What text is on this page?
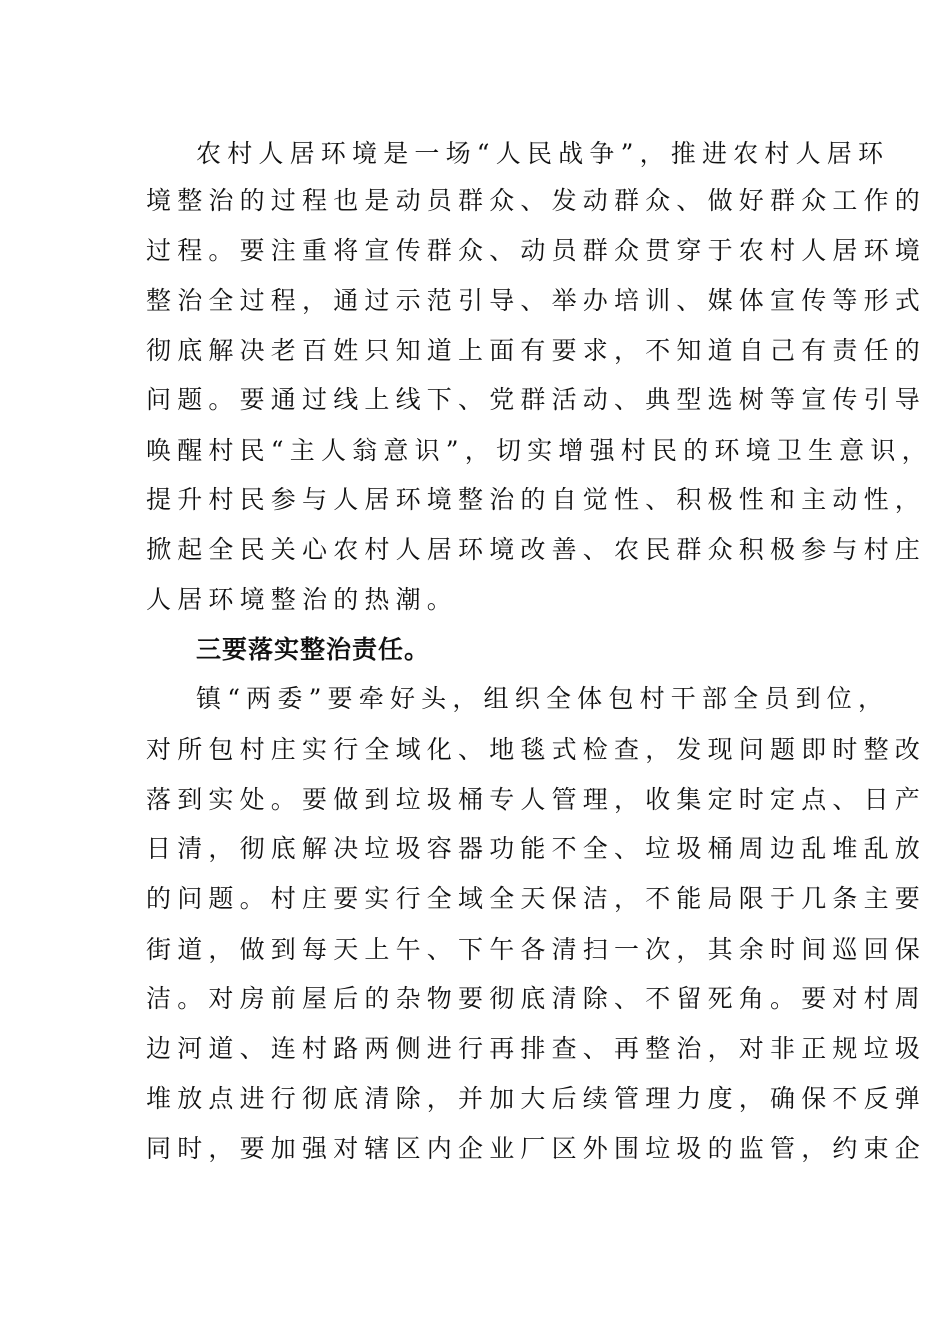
农村人居环境是一场“人民战争”，推进农村人居环
境整治的过程也是动员群众、发动群众、做好群众工作的
过程。要注重将宣传群众、动员群众贯穿于农村人居环境
整治全过程，通过示范引导、举办培训、媒体宣传等形式
彻底解决老百姓只知道上面有要求，不知道自己有责任的
问题。要通过线上线下、党群活动、典型选树等宣传引导
唤醒村民“主人翁意识”，切实增强村民的环境卫生意识，
提升村民参与人居环境整治的自觉性、积极性和主动性，
掀起全民关心农村人居环境改善、农民群众积极参与村庄
人居环境整治的热潮。
三要落实整治责任。
镇“两委”要牵好头，组织全体包村干部全员到位，
对所包村庄实行全域化、地毯式检查，发现问题即时整改
落到实处。要做到垃圾桶专人管理，收集定时定点、日产
日清，彻底解决垃圾容器功能不全、垃圾桶周边乱堆乱放
的问题。村庄要实行全域全天保洁，不能局限于几条主要
街道，做到每天上午、下午各清扫一次，其余时间巡回保
洁。对房前屋后的杂物要彻底清除、不留死角。要对村周
边河道、连村路两侧进行再排查、再整治，对非正规垃圾
堆放点进行彻底清除，并加大后续管理力度，确保不反弹
同时，要加强对辖区内企业厂区外围垃圾的监管，约束企
